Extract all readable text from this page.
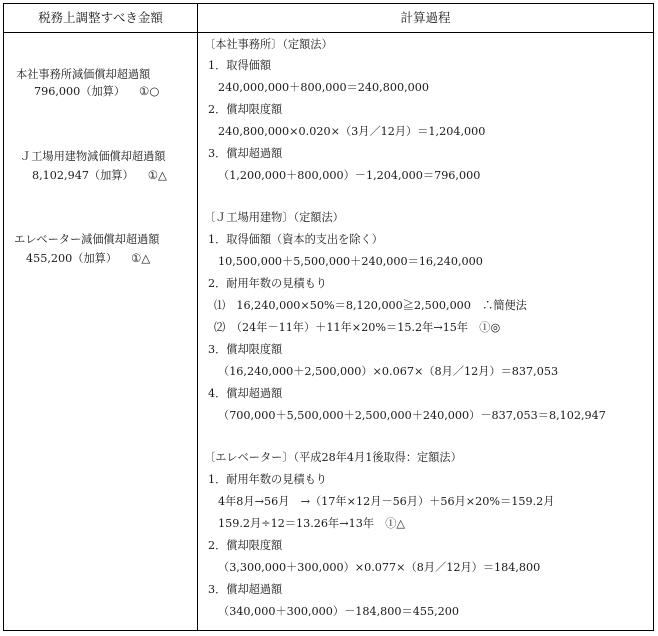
税務上調整すべき金額	計算過程
本社事務所減価償却超過額
796,000（加算） ①○
Ｊ工場用建物減価償却超過額
8,102,947（加算） ①△
エレベーター減価償却超過額
455,200（加算） ①△
〔本社事務所〕（定額法）
1．取得価額
240,000,000＋800,000＝240,800,000
2．償却限度額
240,800,000×0.020×（3月／12月）＝1,204,000
3．償却超過額
（1,200,000＋800,000）－1,204,000＝796,000
〔Ｊ工場用建物〕（定額法）
1．取得価額（資本的支出を除く）
10,500,000＋5,500,000＋240,000＝16,240,000
2．耐用年数の見積もり
⑴　16,240,000×50%＝8,120,000≧2,500,000　∴簡便法
⑵　（24年－11年）＋11年×20%＝15.2年→15年　①◎
3．償却限度額
（16,240,000＋2,500,000）×0.067×（8月／12月）＝837,053
4．償却超過額
（700,000＋5,500,000＋2,500,000＋240,000）－837,053＝8,102,947
〔エレベーター〕（平成28年4月1後取得：定額法）
1．耐用年数の見積もり
4年8月→56月　→（17年×12月－56月）＋56月×20%＝159.2月
159.2月÷12＝13.26年→13年　①△
2．償却限度額
（3,300,000＋300,000）×0.077×（8月／12月）＝184,800
3．償却超過額
（340,000＋300,000）－184,800＝455,200
